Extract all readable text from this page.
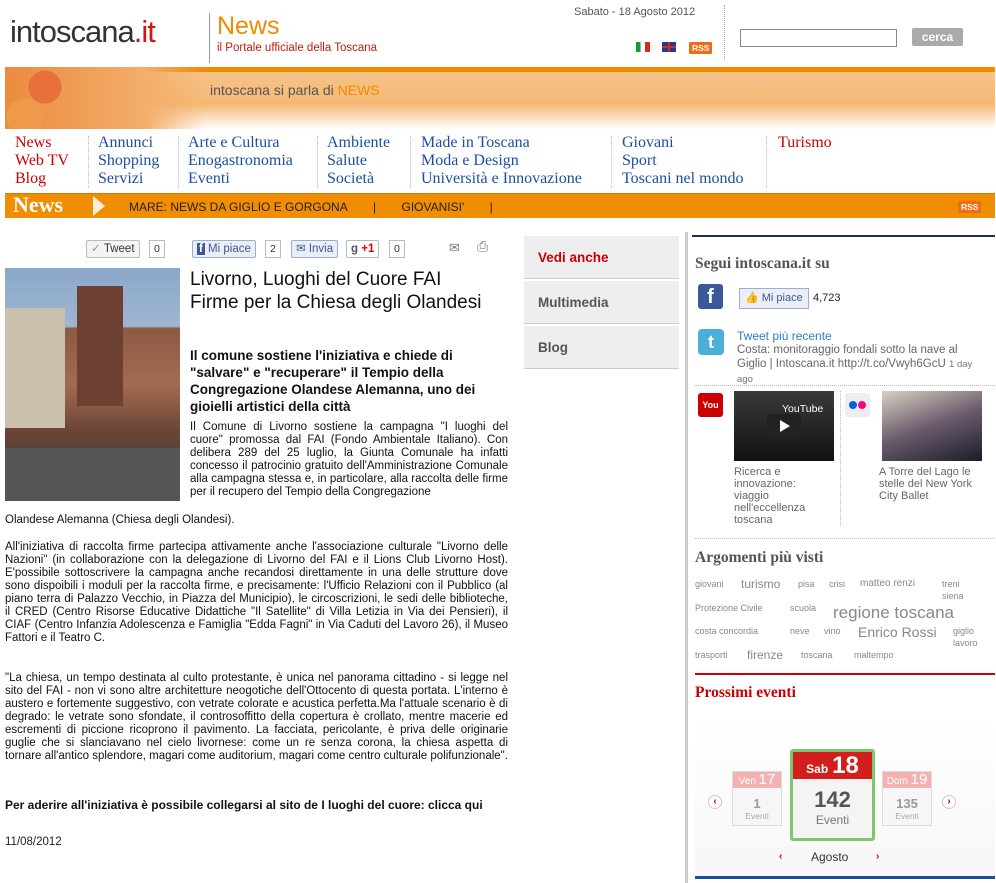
intoscana.it News
il Portale ufficiale della Toscana
Sabato - 18 Agosto 2012
RSS
cerca
intoscana si parla di NEWS
News
Web TV
Blog
Annunci
Shopping
Servizi
Arte e Cultura
Enogastronomia
Eventi
Ambiente
Salute
Società
Made in Toscana
Moda e Design
Università e Innovazione
Giovani
Sport
Toscani nel mondo
Turismo
News	MARE: NEWS DA GIGLIO E GORGONA | GIOVANISI' |	RSS
✓ Tweet	0	f Mi piace	2	✉ Invia	g +1	0	✉ ⎙
Livorno, Luoghi del Cuore FAI Firme per la Chiesa degli Olandesi
Il comune sostiene l'iniziativa e chiede di "salvare" e "recuperare" il Tempio della Congregazione Olandese Alemanna, uno dei gioielli artistici della città
Il Comune di Livorno sostiene la campagna "I luoghi del cuore" promossa dal FAI (Fondo Ambientale Italiano). Con delibera 289 del 25 luglio, la Giunta Comunale ha infatti concesso il patrocinio gratuito dell'Amministrazione Comunale alla campagna stessa e, in particolare, alla raccolta delle firme per il recupero del Tempio della Congregazione
Olandese Alemanna (Chiesa degli Olandesi).
All'iniziativa di raccolta firme partecipa attivamente anche l'associazione culturale "Livorno delle Nazioni" (in collaborazione con la delegazione di Livorno del FAI e il Lions Club Livorno Host). E'possibile sottoscrivere la campagna anche recandosi direttamente in una delle strutture dove sono dispoibili i moduli per la raccolta firme, e precisamente: l'Ufficio Relazioni con il Pubblico (al piano terra di Palazzo Vecchio, in Piazza del Municipio), le circoscrizioni, le sedi delle biblioteche, il CRED (Centro Risorse Educative Didattiche "Il Satellite" di Villa Letizia in Via dei Pensieri), il CIAF (Centro Infanzia Adolescenza e Famiglia "Edda Fagni" in Via Caduti del Lavoro 26), il Museo Fattori e il Teatro C.
"La chiesa, un tempo destinata al culto protestante, è unica nel panorama cittadino - si legge nel sito del FAI - non vi sono altre architetture neogotiche dell'Ottocento di questa portata. L'interno è austero e fortemente suggestivo, con vetrate colorate e acustica perfetta.Ma l'attuale scenario è di degrado: le vetrate sono sfondate, il controsoffitto della copertura è crollato, mentre macerie ed escrementi di piccione ricoprono il pavimento. La facciata, pericolante, è priva delle originarie guglie che si slanciavano nel cielo livornese: come un re senza corona, la chiesa aspetta di tornare all'antico splendore, magari come auditorium, magari come centro culturale polifunzionale".
Per aderire all'iniziativa è possibile collegarsi al sito de I luoghi del cuore: clicca qui
11/08/2012
Vedi anche
Multimedia
Blog
Segui intoscana.it su
f	👍 Mi piace 4,723
t	Tweet più recente
Costa: monitoraggio fondali sotto la nave al Giglio | Intoscana.it http://t.co/Vwyh6GcU 1 day ago
You	YouTube
Ricerca e innovazione: viaggio nell'eccellenza toscana
A Torre del Lago le stelle del New York City Ballet
Argomenti più visti
giovani turismo pisa crisi matteo renzi	treni
siena
Protezione Civile	scuola regione toscana
costa concordia	neve vino Enrico Rossi giglio
lavoro
trasporti firenze toscana maltempo
Prossimi eventi
‹
Ven 17
1
Eventi
Sab 18
142
Eventi
Dom 19
135
Eventi
›
‹ Agosto	›
